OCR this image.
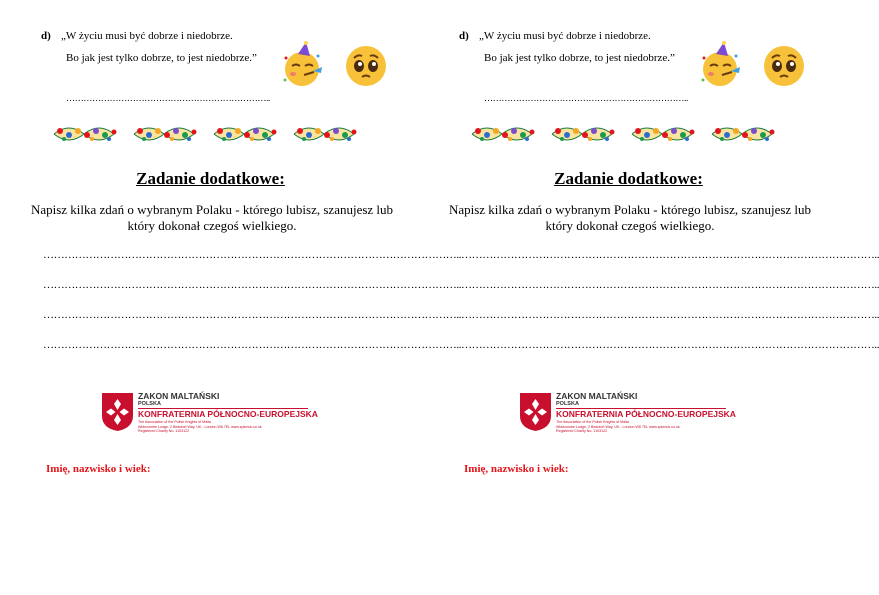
d) „W życiu musi być dobrze i niedobrze.
Bo jak jest tylko dobrze, to jest niedobrze.”
……………………………………………………………..
Zadanie dodatkowe:
Napisz kilka zdań o wybranym Polaku - którego lubisz, szanujesz lub który dokonał czegoś wielkiego.
………………………………………………………………………………………………………..
………………………………………………………………………………………………………..
………………………………………………………………………………………………………..
………………………………………………………………………………………………………..
ZAKON MALTAŃSKI
POLSKA
KONFRATERNIA PÓŁNOCNO-EUROPEJSKA
The Association of the Polish Knights of Malta
Widecombe Lodge, 2 Beaufort Way, UK - London W8 7EL www.zpkmuk.co.uk
Registered Charity No. 1103122
Imię, nazwisko i wiek:
d) „W życiu musi być dobrze i niedobrze.
Bo jak jest tylko dobrze, to jest niedobrze.”
……………………………………………………………..
Zadanie dodatkowe:
Napisz kilka zdań o wybranym Polaku - którego lubisz, szanujesz lub który dokonał czegoś wielkiego.
………………………………………………………………………………………………………..
………………………………………………………………………………………………………..
………………………………………………………………………………………………………..
………………………………………………………………………………………………………..
ZAKON MALTAŃSKI
POLSKA
KONFRATERNIA PÓŁNOCNO-EUROPEJSKA
The Association of the Polish Knights of Malta
Widecombe Lodge, 2 Beaufort Way, UK - London W8 7EL www.zpkmuk.co.uk
Registered Charity No. 1103122
Imię, nazwisko i wiek:
